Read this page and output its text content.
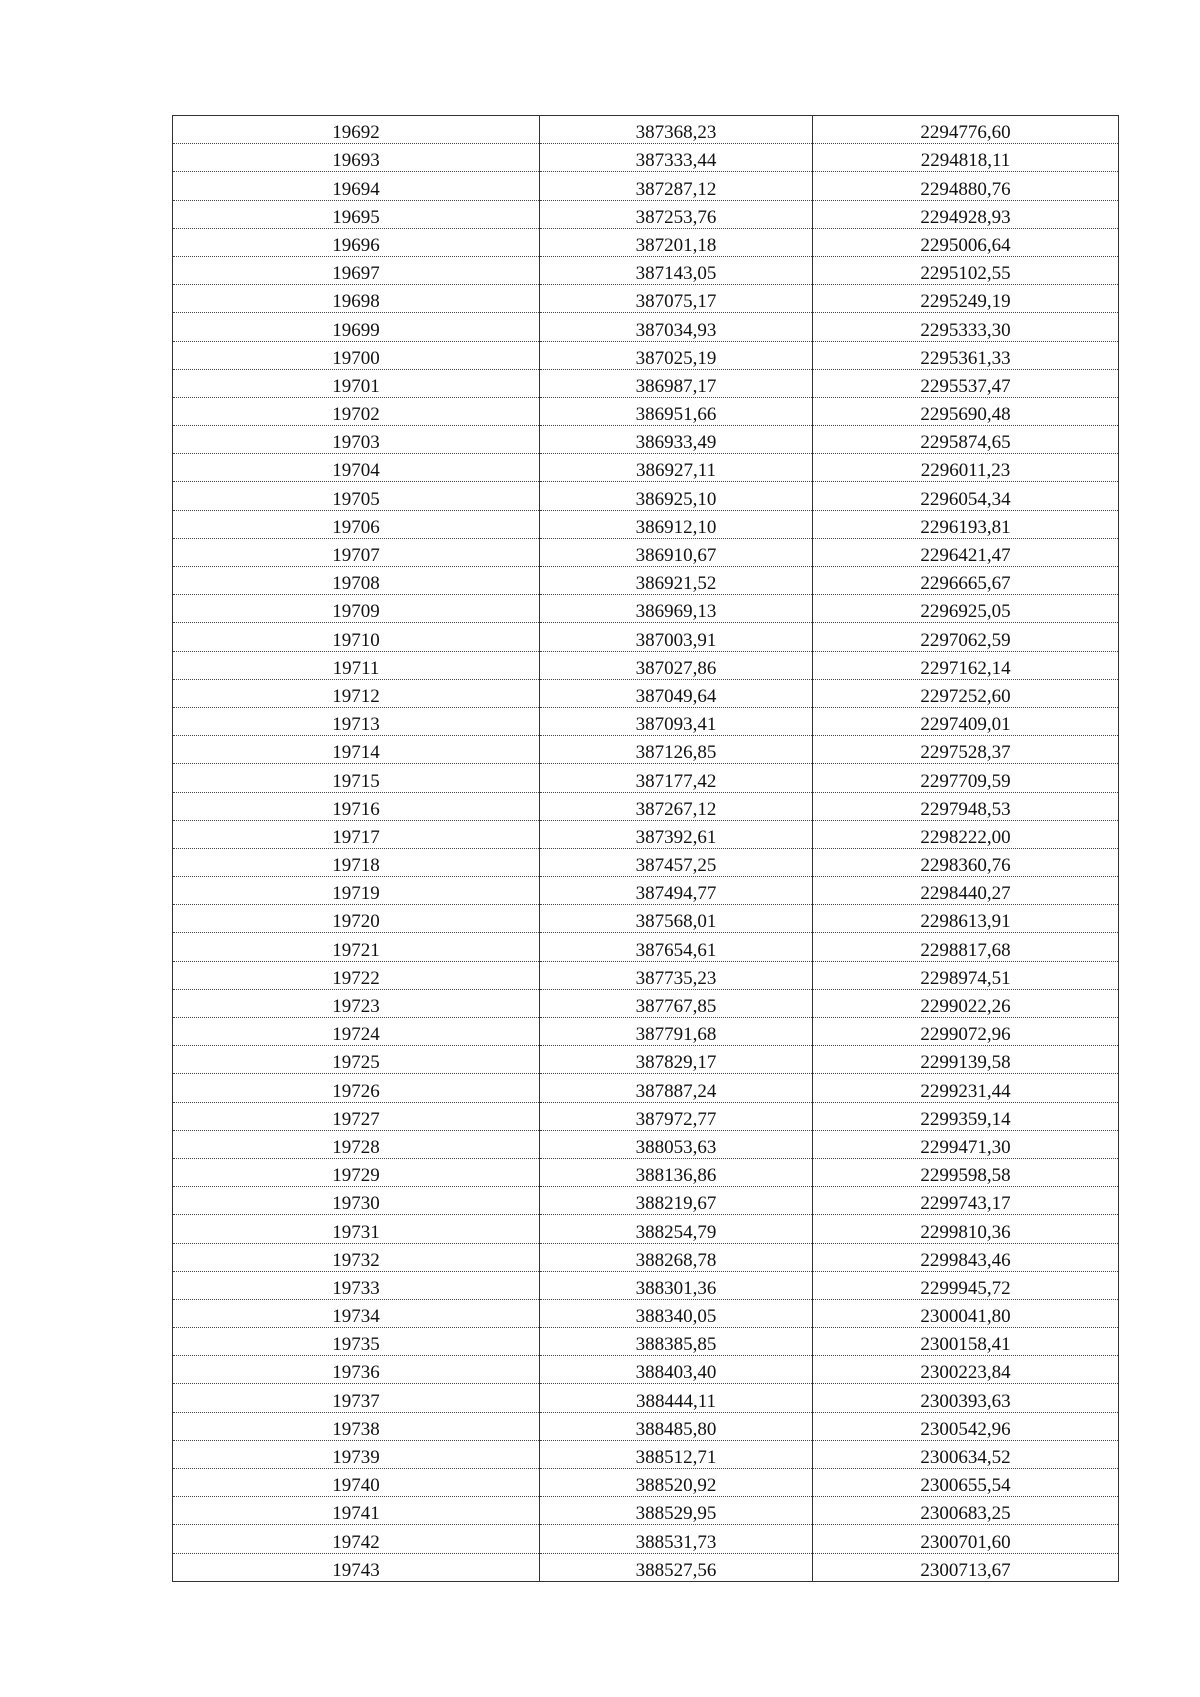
19692	387368,23	2294776,60
19693	387333,44	2294818,11
19694	387287,12	2294880,76
19695	387253,76	2294928,93
19696	387201,18	2295006,64
19697	387143,05	2295102,55
19698	387075,17	2295249,19
19699	387034,93	2295333,30
19700	387025,19	2295361,33
19701	386987,17	2295537,47
19702	386951,66	2295690,48
19703	386933,49	2295874,65
19704	386927,11	2296011,23
19705	386925,10	2296054,34
19706	386912,10	2296193,81
19707	386910,67	2296421,47
19708	386921,52	2296665,67
19709	386969,13	2296925,05
19710	387003,91	2297062,59
19711	387027,86	2297162,14
19712	387049,64	2297252,60
19713	387093,41	2297409,01
19714	387126,85	2297528,37
19715	387177,42	2297709,59
19716	387267,12	2297948,53
19717	387392,61	2298222,00
19718	387457,25	2298360,76
19719	387494,77	2298440,27
19720	387568,01	2298613,91
19721	387654,61	2298817,68
19722	387735,23	2298974,51
19723	387767,85	2299022,26
19724	387791,68	2299072,96
19725	387829,17	2299139,58
19726	387887,24	2299231,44
19727	387972,77	2299359,14
19728	388053,63	2299471,30
19729	388136,86	2299598,58
19730	388219,67	2299743,17
19731	388254,79	2299810,36
19732	388268,78	2299843,46
19733	388301,36	2299945,72
19734	388340,05	2300041,80
19735	388385,85	2300158,41
19736	388403,40	2300223,84
19737	388444,11	2300393,63
19738	388485,80	2300542,96
19739	388512,71	2300634,52
19740	388520,92	2300655,54
19741	388529,95	2300683,25
19742	388531,73	2300701,60
19743	388527,56	2300713,67
